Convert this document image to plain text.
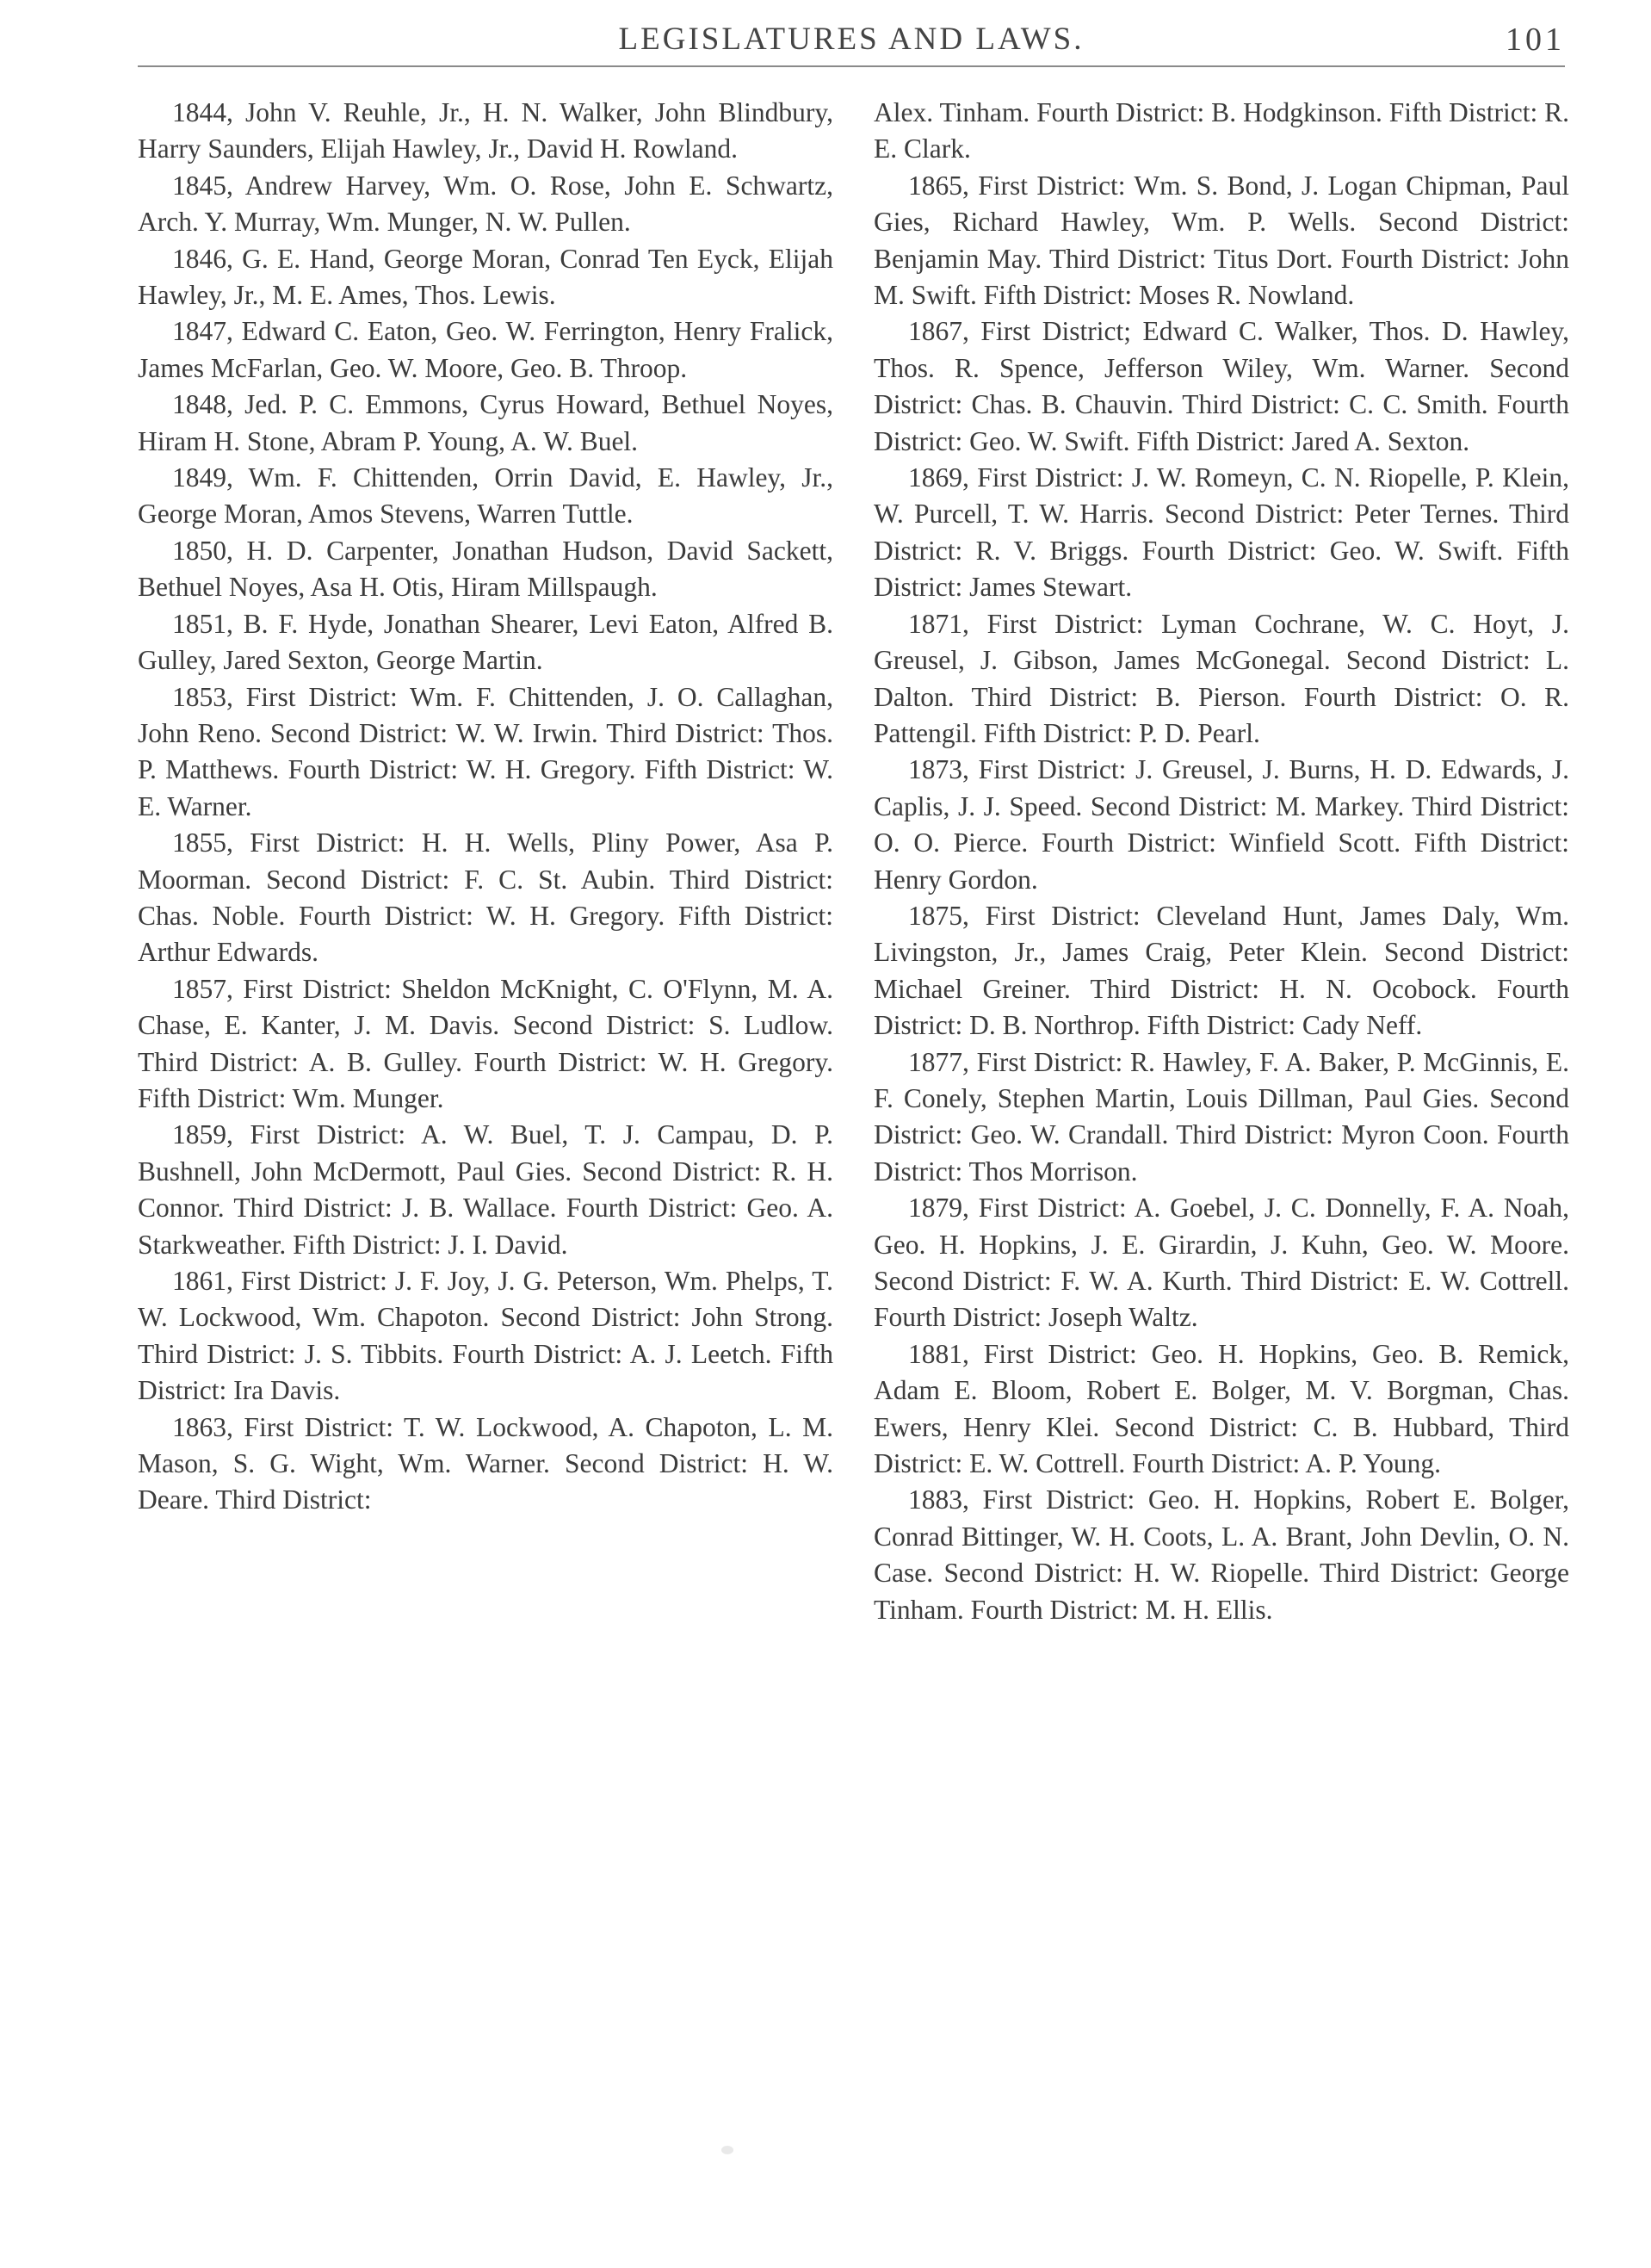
LEGISLATURES AND LAWS.	101

1844, John V. Reuhle, Jr., H. N. Walker, John Blindbury, Harry Saunders, Elijah Hawley, Jr., David H. Rowland.

1845, Andrew Harvey, Wm. O. Rose, John E. Schwartz, Arch. Y. Murray, Wm. Munger, N. W. Pullen.

1846, G. E. Hand, George Moran, Conrad Ten Eyck, Elijah Hawley, Jr., M. E. Ames, Thos. Lewis.

1847, Edward C. Eaton, Geo. W. Ferrington, Henry Fralick, James McFarlan, Geo. W. Moore, Geo. B. Throop.

1848, Jed. P. C. Emmons, Cyrus Howard, Bethuel Noyes, Hiram H. Stone, Abram P. Young, A. W. Buel.

1849, Wm. F. Chittenden, Orrin David, E. Hawley, Jr., George Moran, Amos Stevens, Warren Tuttle.

1850, H. D. Carpenter, Jonathan Hudson, David Sackett, Bethuel Noyes, Asa H. Otis, Hiram Millspaugh.

1851, B. F. Hyde, Jonathan Shearer, Levi Eaton, Alfred B. Gulley, Jared Sexton, George Martin.

1853, First District: Wm. F. Chittenden, J. O. Callaghan, John Reno. Second District: W. W. Irwin. Third District: Thos. P. Matthews. Fourth District: W. H. Gregory. Fifth District: W. E. Warner.

1855, First District: H. H. Wells, Pliny Power, Asa P. Moorman. Second District: F. C. St. Aubin. Third District: Chas. Noble. Fourth District: W. H. Gregory. Fifth District: Arthur Edwards.

1857, First District: Sheldon McKnight, C. O'Flynn, M. A. Chase, E. Kanter, J. M. Davis. Second District: S. Ludlow. Third District: A. B. Gulley. Fourth District: W. H. Gregory. Fifth District: Wm. Munger.

1859, First District: A. W. Buel, T. J. Campau, D. P. Bushnell, John McDermott, Paul Gies. Second District: R. H. Connor. Third District: J. B. Wallace. Fourth District: Geo. A. Starkweather. Fifth District: J. I. David.

1861, First District: J. F. Joy, J. G. Peterson, Wm. Phelps, T. W. Lockwood, Wm. Chapoton. Second District: John Strong. Third District: J. S. Tibbits. Fourth District: A. J. Leetch. Fifth District: Ira Davis.

1863, First District: T. W. Lockwood, A. Chapoton, L. M. Mason, S. G. Wight, Wm. Warner. Second District: H. W. Deare. Third District:

Alex. Tinham. Fourth District: B. Hodgkinson. Fifth District: R. E. Clark.

1865, First District: Wm. S. Bond, J. Logan Chipman, Paul Gies, Richard Hawley, Wm. P. Wells. Second District: Benjamin May. Third District: Titus Dort. Fourth District: John M. Swift. Fifth District: Moses R. Nowland.

1867, First District; Edward C. Walker, Thos. D. Hawley, Thos. R. Spence, Jefferson Wiley, Wm. Warner. Second District: Chas. B. Chauvin. Third District: C. C. Smith. Fourth District: Geo. W. Swift. Fifth District: Jared A. Sexton.

1869, First District: J. W. Romeyn, C. N. Riopelle, P. Klein, W. Purcell, T. W. Harris. Second District: Peter Ternes. Third District: R. V. Briggs. Fourth District: Geo. W. Swift. Fifth District: James Stewart.

1871, First District: Lyman Cochrane, W. C. Hoyt, J. Greusel, J. Gibson, James McGonegal. Second District: L. Dalton. Third District: B. Pierson. Fourth District: O. R. Pattengil. Fifth District: P. D. Pearl.

1873, First District: J. Greusel, J. Burns, H. D. Edwards, J. Caplis, J. J. Speed. Second District: M. Markey. Third District: O. O. Pierce. Fourth District: Winfield Scott. Fifth District: Henry Gordon.

1875, First District: Cleveland Hunt, James Daly, Wm. Livingston, Jr., James Craig, Peter Klein. Second District: Michael Greiner. Third District: H. N. Ocobock. Fourth District: D. B. Northrop. Fifth District: Cady Neff.

1877, First District: R. Hawley, F. A. Baker, P. McGinnis, E. F. Conely, Stephen Martin, Louis Dillman, Paul Gies. Second District: Geo. W. Crandall. Third District: Myron Coon. Fourth District: Thos Morrison.

1879, First District: A. Goebel, J. C. Donnelly, F. A. Noah, Geo. H. Hopkins, J. E. Girardin, J. Kuhn, Geo. W. Moore. Second District: F. W. A. Kurth. Third District: E. W. Cottrell. Fourth District: Joseph Waltz.

1881, First District: Geo. H. Hopkins, Geo. B. Remick, Adam E. Bloom, Robert E. Bolger, M. V. Borgman, Chas. Ewers, Henry Klei. Second District: C. B. Hubbard, Third District: E. W. Cottrell. Fourth District: A. P. Young.

1883, First District: Geo. H. Hopkins, Robert E. Bolger, Conrad Bittinger, W. H. Coots, L. A. Brant, John Devlin, O. N. Case. Second District: H. W. Riopelle. Third District: George Tinham. Fourth District: M. H. Ellis.
